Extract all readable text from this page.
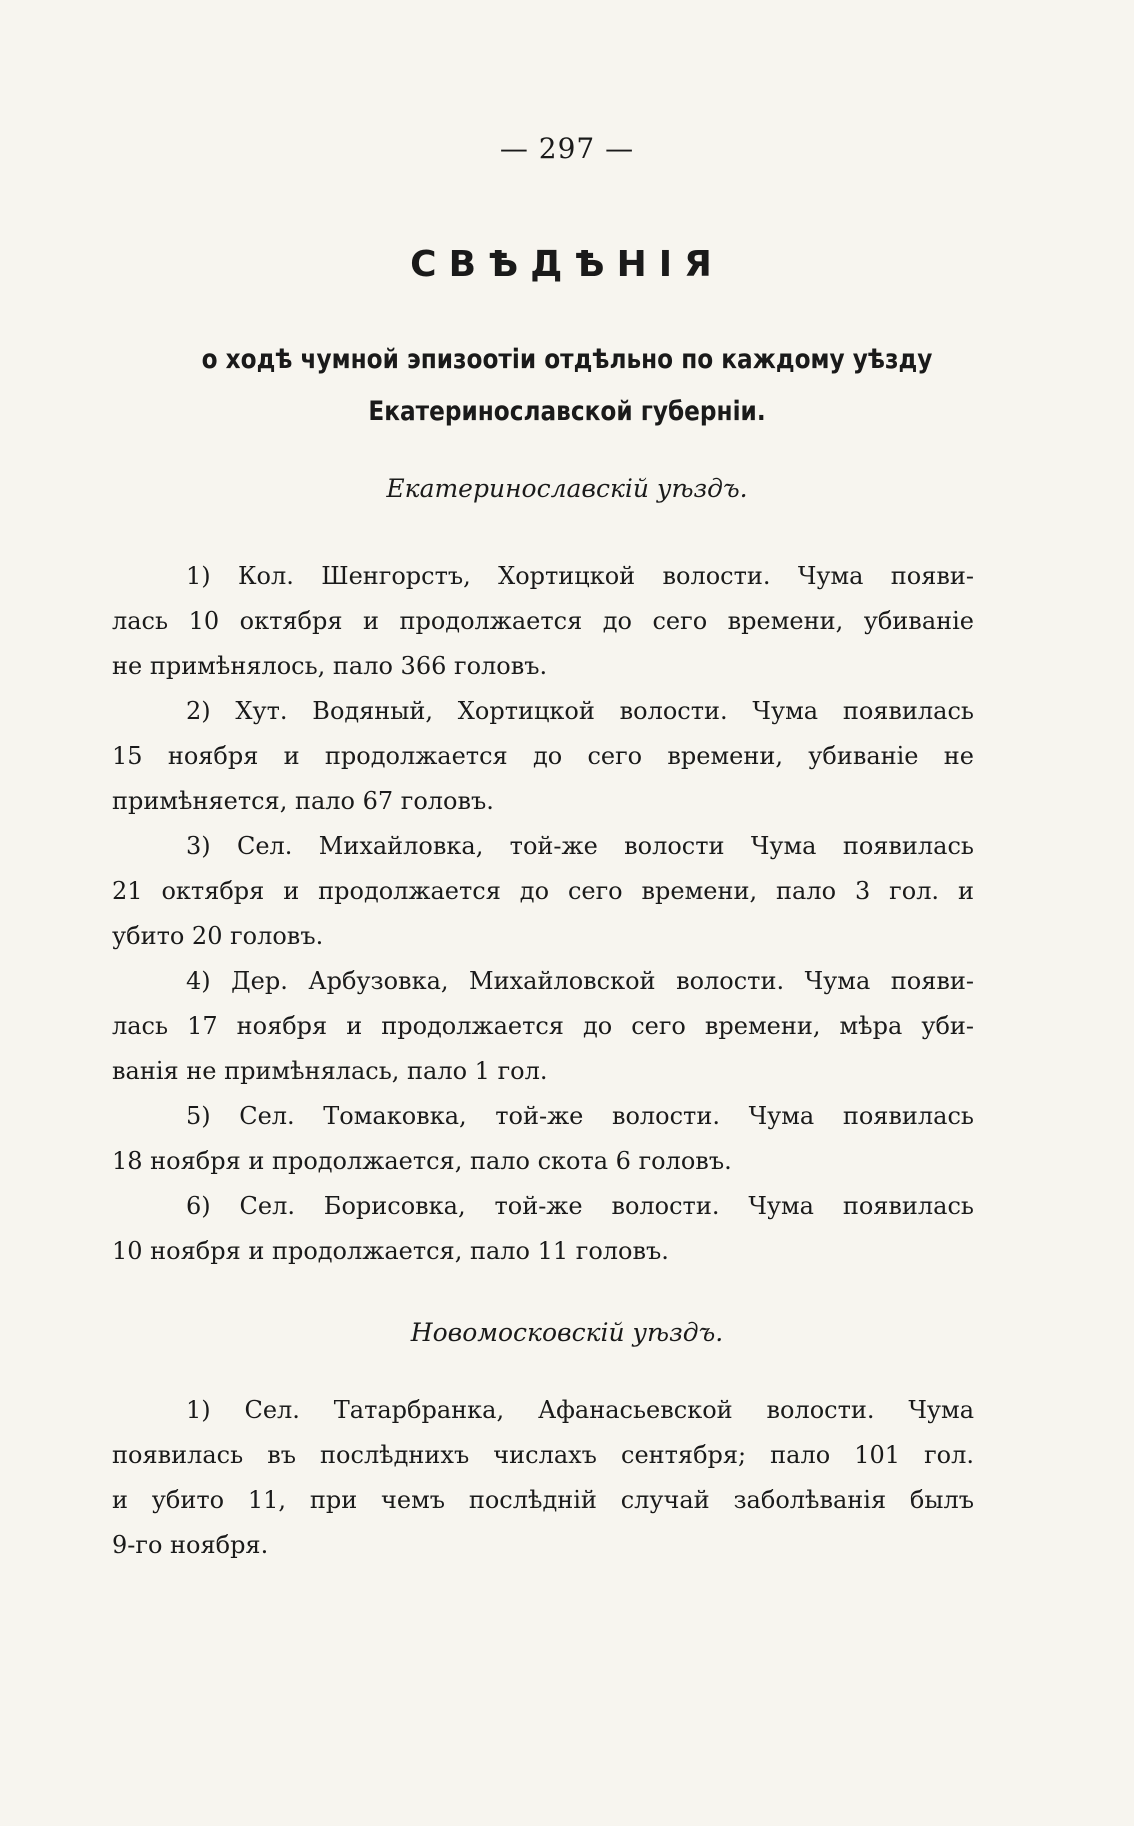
— 297 —
СВѢДѢНІЯ
о ходѣ чумной эпизоотіи отдѣльно по каждому уѣзду
Екатеринославской губерніи.
Екатеринославскій уѣздъ.

1) Кол. Шенгорстъ, Хортицкой волости. Чума появи-
лась 10 октября и продолжается до сего времени, убиваніе
не примѣнялось, пало 366 головъ.

2) Хут. Водяный, Хортицкой волости. Чума появилась
15 ноября и продолжается до сего времени, убиваніе не
примѣняется, пало 67 головъ.

3) Сел. Михайловка, той-же волости Чума появилась
21 октября и продолжается до сего времени, пало 3 гол. и
убито 20 головъ.

4) Дер. Арбузовка, Михайловской волости. Чума появи-
лась 17 ноября и продолжается до сего времени, мѣра уби-
ванія не примѣнялась, пало 1 гол.

5) Сел. Томаковка, той-же волости. Чума появилась
18 ноября и продолжается, пало скота 6 головъ.

6) Сел. Борисовка, той-же волости. Чума появилась
10 ноября и продолжается, пало 11 головъ.

Новомосковскій уѣздъ.

1) Сел. Татарбранка, Афанасьевской волости. Чума
появилась въ послѣднихъ числахъ сентября; пало 101 гол.
и убито 11, при чемъ послѣдній случай заболѣванія былъ
9-го ноября.
